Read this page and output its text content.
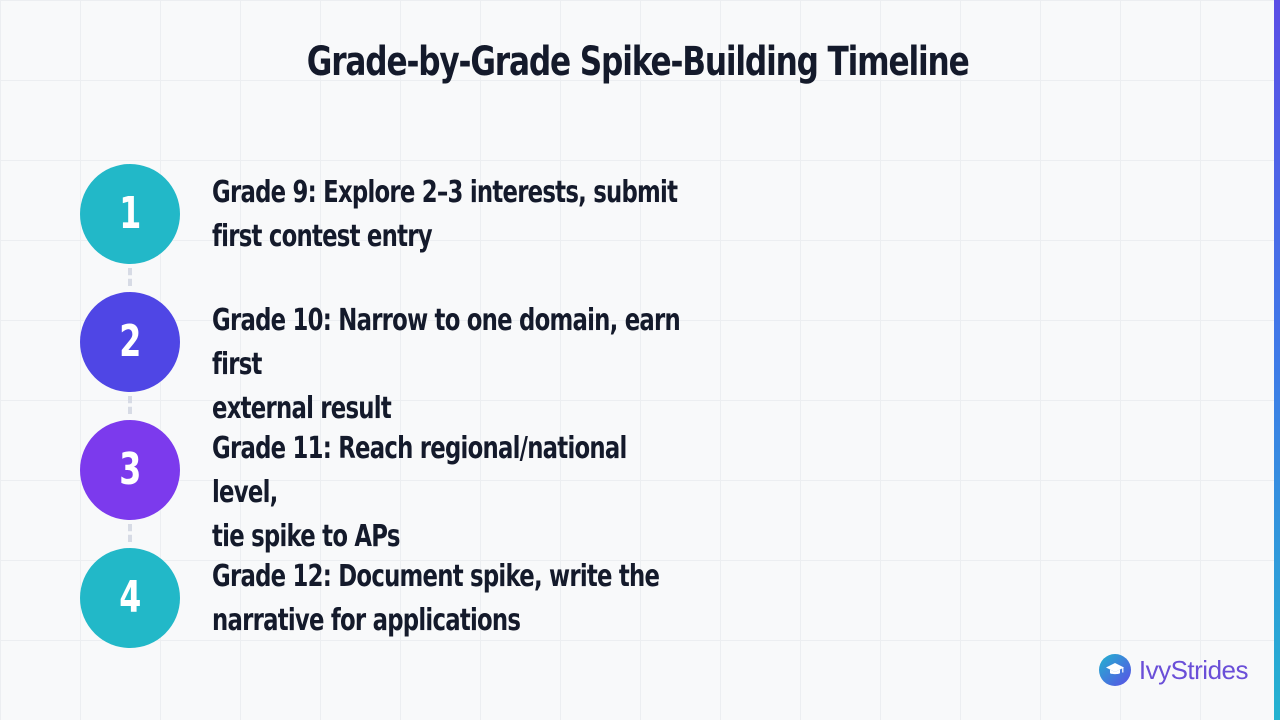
Grade-by-Grade Spike-Building Timeline
1 Grade 9: Explore 2–3 interests, submit
first contest entry

2 Grade 10: Narrow to one domain, earn first
external result

3 Grade 11: Reach regional/national level,
tie spike to APs

4 Grade 12: Document spike, write the
narrative for applications

IvyStrides
